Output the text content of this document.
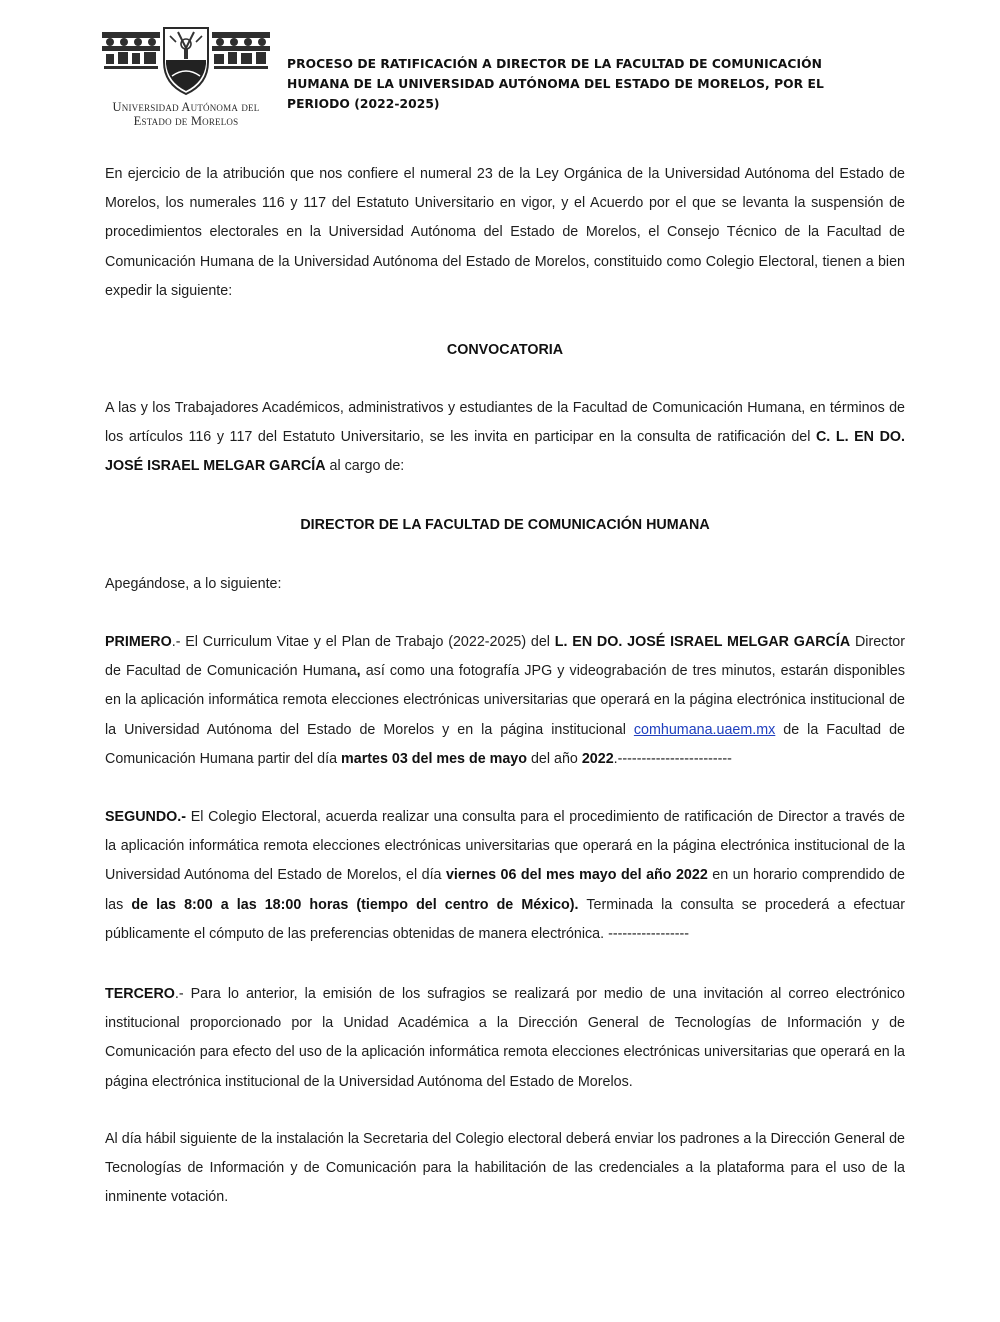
Universidad Autónoma del
Estado de Morelos
PROCESO DE RATIFICACIÓN A DIRECTOR DE LA FACULTAD DE COMUNICACIÓN HUMANA DE LA UNIVERSIDAD AUTÓNOMA DEL ESTADO DE MORELOS, POR EL PERIODO (2022-2025)

En ejercicio de la atribución que nos confiere el numeral 23 de la Ley Orgánica de la Universidad Autónoma del Estado de Morelos, los numerales 116 y 117 del Estatuto Universitario en vigor, y el Acuerdo por el que se levanta la suspensión de procedimientos electorales en la Universidad Autónoma del Estado de Morelos, el Consejo Técnico de la Facultad de Comunicación Humana de la Universidad Autónoma del Estado de Morelos, constituido como Colegio Electoral, tienen a bien expedir la siguiente:

CONVOCATORIA

A las y los Trabajadores Académicos, administrativos y estudiantes de la Facultad de Comunicación Humana, en términos de los artículos 116 y 117 del Estatuto Universitario, se les invita en participar en la consulta de ratificación del C. L. EN DO. JOSÉ ISRAEL MELGAR GARCÍA al cargo de:

DIRECTOR DE LA FACULTAD DE COMUNICACIÓN HUMANA

Apegándose, a lo siguiente:

PRIMERO.- El Curriculum Vitae y el Plan de Trabajo (2022-2025) del L. EN DO. JOSÉ ISRAEL MELGAR GARCÍA Director de Facultad de Comunicación Humana, así como una fotografía JPG y videograbación de tres minutos, estarán disponibles en la aplicación informática remota elecciones electrónicas universitarias que operará en la página electrónica institucional de la Universidad Autónoma del Estado de Morelos y en la página institucional comhumana.uaem.mx de la Facultad de Comunicación Humana partir del día martes 03 del mes de mayo del año 2022.------------------------

SEGUNDO.- El Colegio Electoral, acuerda realizar una consulta para el procedimiento de ratificación de Director a través de la aplicación informática remota elecciones electrónicas universitarias que operará en la página electrónica institucional de la Universidad Autónoma del Estado de Morelos, el día viernes 06 del mes mayo del año 2022 en un horario comprendido de las de las 8:00 a las 18:00 horas (tiempo del centro de México). Terminada la consulta se procederá a efectuar públicamente el cómputo de las preferencias obtenidas de manera electrónica. -----------------

TERCERO.- Para lo anterior, la emisión de los sufragios se realizará por medio de una invitación al correo electrónico institucional proporcionado por la Unidad Académica a la Dirección General de Tecnologías de Información y de Comunicación para efecto del uso de la aplicación informática remota elecciones electrónicas universitarias que operará en la página electrónica institucional de la Universidad Autónoma del Estado de Morelos.

Al día hábil siguiente de la instalación la Secretaria del Colegio electoral deberá enviar los padrones a la Dirección General de Tecnologías de Información y de Comunicación para la habilitación de las credenciales a la plataforma para el uso de la inminente votación.
